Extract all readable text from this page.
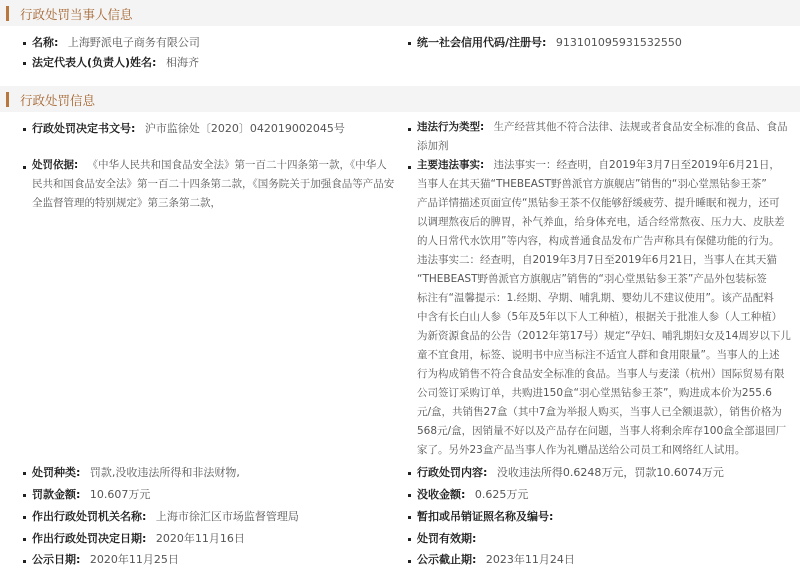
行政处罚当事人信息
名称: 上海野派电子商务有限公司	统一社会信用代码/注册号: 913101095931532550
法定代表人(负责人)姓名: 相海齐
行政处罚信息
行政处罚决定书文号: 沪市监徐处〔2020〕042019002045号	违法行为类型: 生产经营其他不符合法律、法规或者食品安全标准的食品、食品

添加剂

处罚依据: 《中华人民共和国食品安全法》第一百二十四条第一款，《中华人

民共和国食品安全法》第一百二十四条第二款，《国务院关于加强食品等产品安

全监督管理的特别规定》第三条第二款，

主要违法事实: 违法事实一：经查明，自2019年3月7日至2019年6月21日，

当事人在其天猫“THEBEAST野兽派官方旗舰店”销售的“羽心堂黑钻参王茶”

产品详情描述页面宣传“黑钻参王茶不仅能够舒缓疲劳、提升睡眠和视力，还可

以调理熬夜后的脾胃，补气养血，给身体充电，适合经常熬夜、压力大、皮肤差

的人日常代水饮用”等内容，构成普通食品发布广告声称具有保健功能的行为。

违法事实二：经查明，自2019年3月7日至2019年6月21日，当事人在其天猫

“THEBEAST野兽派官方旗舰店”销售的“羽心堂黑钻参王茶”产品外包装标签

标注有“温馨提示：1.经期、孕期、哺乳期、婴幼儿不建议使用”。该产品配料

中含有长白山人参（5年及5年以下人工种植），根据关于批准人参（人工种植）

为新资源食品的公告（2012年第17号）规定“孕妇、哺乳期妇女及14周岁以下儿

童不宜食用，标签、说明书中应当标注不适宜人群和食用限量”。当事人的上述

行为构成销售不符合食品安全标准的食品。当事人与麦漾（杭州）国际贸易有限

公司签订采购订单，共购进150盒“羽心堂黑钻参王茶”，购进成本价为255.6

元/盒，共销售27盒（其中7盒为举报人购买，当事人已全额退款），销售价格为

568元/盒，因销量不好以及产品存在问题，当事人将剩余库存100盒全部退回厂

家了。另外23盒产品当事人作为礼赠品送给公司员工和网络红人试用。

处罚种类: 罚款,没收违法所得和非法财物,	行政处罚内容: 没收违法所得0.6248万元，罚款10.6074万元
罚款金额: 10.607万元	没收金额: 0.625万元
作出行政处罚机关名称: 上海市徐汇区市场监督管理局	暂扣或吊销证照名称及编号:
作出行政处罚决定日期: 2020年11月16日	处罚有效期:
公示日期: 2020年11月25日	公示截止期: 2023年11月24日
